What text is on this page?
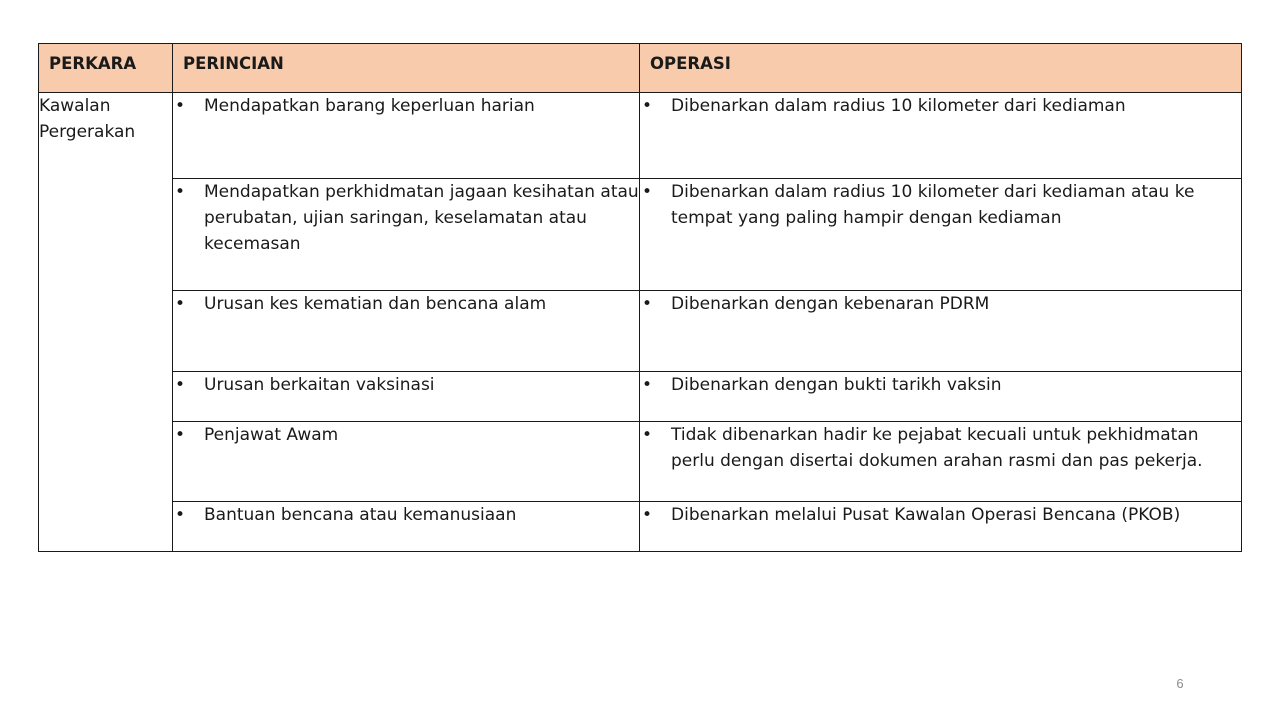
PERKARA	PERINCIAN	OPERASI
Kawalan Pergerakan	• Mendapatkan barang keperluan harian	• Dibenarkan dalam radius 10 kilometer dari kediaman

	• Mendapatkan perkhidmatan jagaan kesihatan atau perubatan, ujian saringan, keselamatan atau kecemasan	• Dibenarkan dalam radius 10 kilometer dari kediaman atau ke tempat yang paling hampir dengan kediaman

	• Urusan kes kematian dan bencana alam	• Dibenarkan dengan kebenaran PDRM

	• Urusan berkaitan vaksinasi	• Dibenarkan dengan bukti tarikh vaksin

	• Penjawat Awam	• Tidak dibenarkan hadir ke pejabat kecuali untuk pekhidmatan perlu dengan disertai dokumen arahan rasmi dan pas pekerja.

	• Bantuan bencana atau kemanusiaan	• Dibenarkan melalui Pusat Kawalan Operasi Bencana (PKOB)
6
